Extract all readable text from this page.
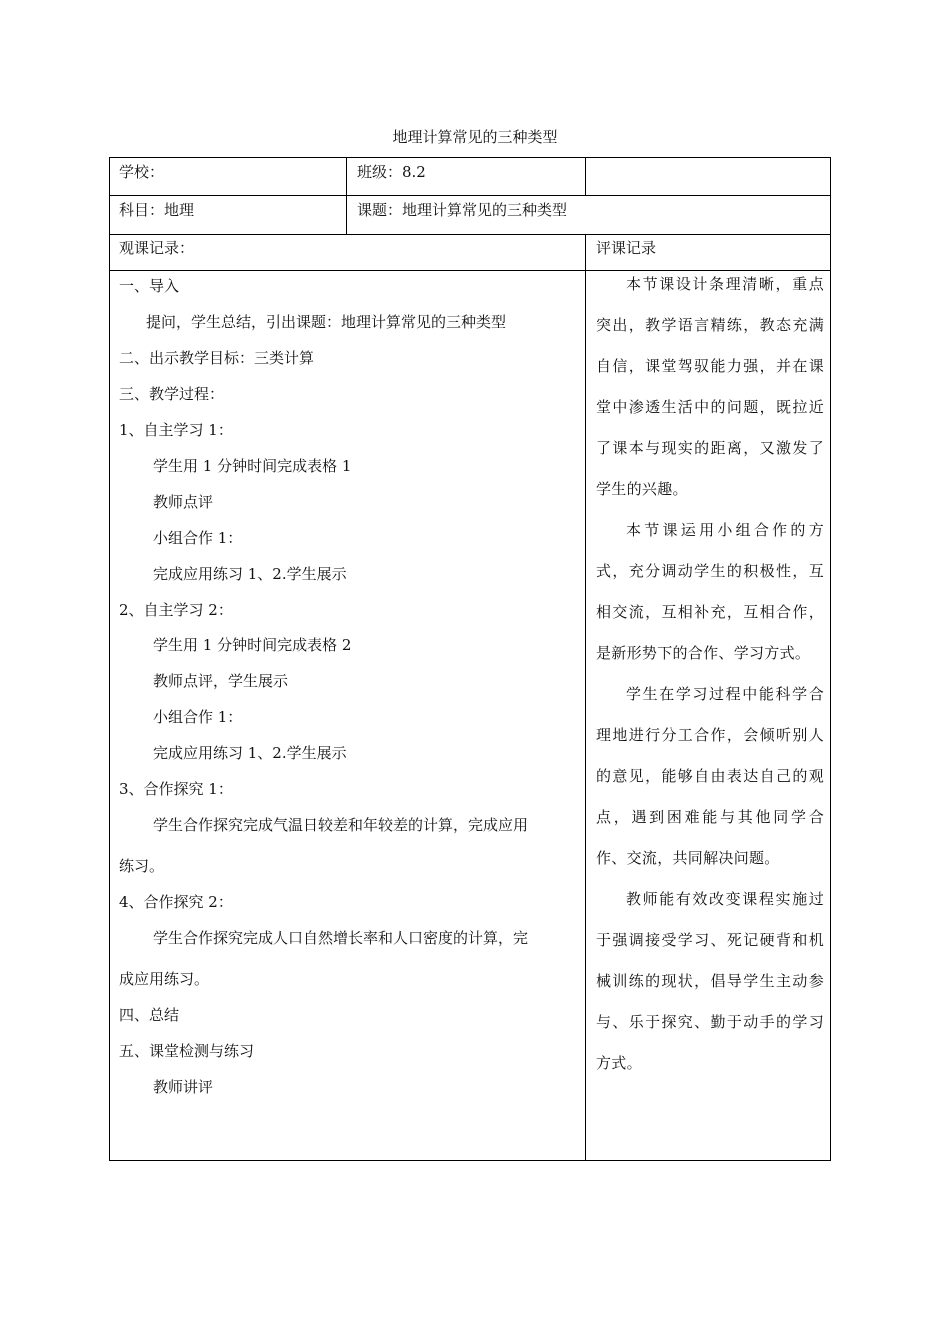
地理计算常见的三种类型
学校：	班级：8.2
科目：地理	课题：地理计算常见的三种类型
观课记录：	评课记录
一、导入
提问，学生总结，引出课题：地理计算常见的三种类型
二、出示教学目标：三类计算
三、教学过程：
1、自主学习 1：
学生用 1 分钟时间完成表格 1
教师点评
小组合作 1：
完成应用练习 1、2.学生展示
2、自主学习 2：
学生用 1 分钟时间完成表格 2
教师点评，学生展示
小组合作 1：
完成应用练习 1、2.学生展示
3、合作探究 1：
学生合作探究完成气温日较差和年较差的计算，完成应用
练习。
4、合作探究 2：
学生合作探究完成人口自然增长率和人口密度的计算，完
成应用练习。
四、总结
五、课堂检测与练习
教师讲评

本节课设计条理清晰，重点突出，教学语言精练，教态充满自信，课堂驾驭能力强，并在课堂中渗透生活中的问题，既拉近了课本与现实的距离，又激发了学生的兴趣。

本节课运用小组合作的方式，充分调动学生的积极性，互相交流，互相补充，互相合作，是新形势下的合作、学习方式。

学生在学习过程中能科学合理地进行分工合作，会倾听别人的意见，能够自由表达自己的观点，遇到困难能与其他同学合作、交流，共同解决问题。

教师能有效改变课程实施过于强调接受学习、死记硬背和机械训练的现状，倡导学生主动参与、乐于探究、勤于动手的学习方式。
